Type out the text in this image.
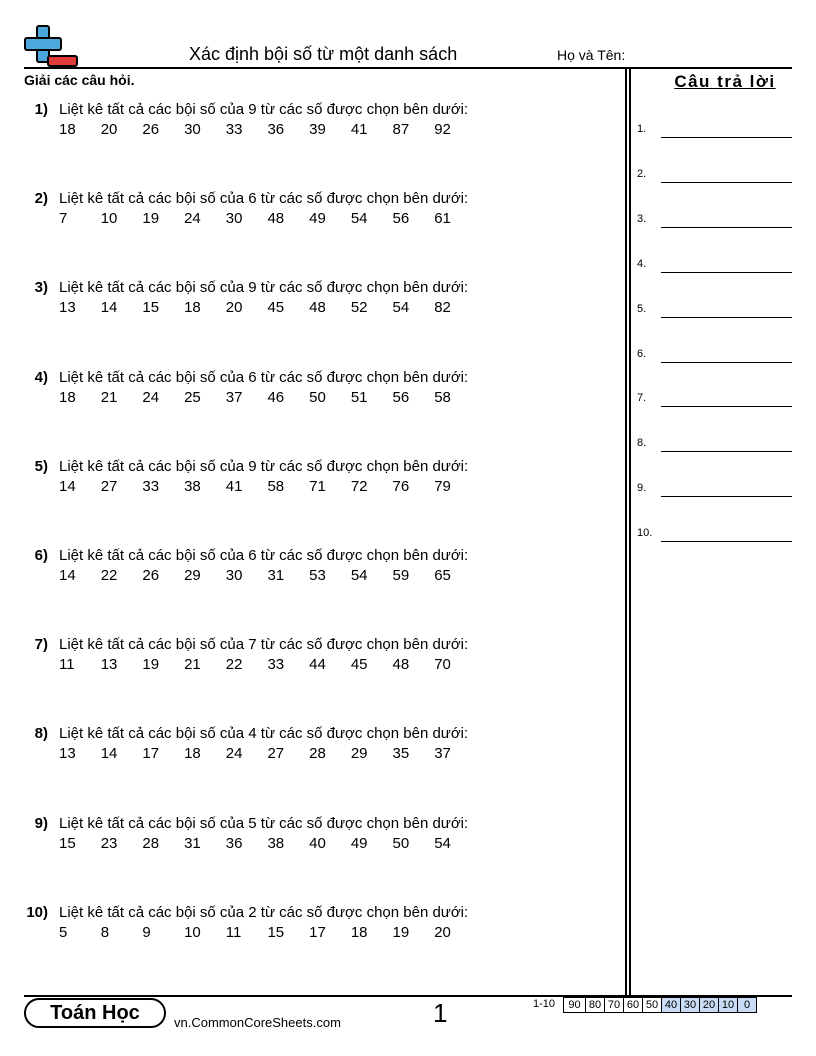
Xác định bội số từ một danh sách	Họ và Tên:
Giải các câu hỏi.	Câu trả lời
1) Liệt kê tất cả các bội số của 9 từ các số được chọn bên dưới:
18	20	26	30	33	36	39	41	87	92
2) Liệt kê tất cả các bội số của 6 từ các số được chọn bên dưới:
7	10	19	24	30	48	49	54	56	61
3) Liệt kê tất cả các bội số của 9 từ các số được chọn bên dưới:
13	14	15	18	20	45	48	52	54	82
4) Liệt kê tất cả các bội số của 6 từ các số được chọn bên dưới:
18	21	24	25	37	46	50	51	56	58
5) Liệt kê tất cả các bội số của 9 từ các số được chọn bên dưới:
14	27	33	38	41	58	71	72	76	79
6) Liệt kê tất cả các bội số của 6 từ các số được chọn bên dưới:
14	22	26	29	30	31	53	54	59	65
7) Liệt kê tất cả các bội số của 7 từ các số được chọn bên dưới:
11	13	19	21	22	33	44	45	48	70
8) Liệt kê tất cả các bội số của 4 từ các số được chọn bên dưới:
13	14	17	18	24	27	28	29	35	37
9) Liệt kê tất cả các bội số của 5 từ các số được chọn bên dưới:
15	23	28	31	36	38	40	49	50	54
10) Liệt kê tất cả các bội số của 2 từ các số được chọn bên dưới:
5	8	9	10	11	15	17	18	19	20
1.
2.
3.
4.
5.
6.
7.
8.
9.
10.
Toán Học	vn.CommonCoreSheets.com	1	1-10	90 80 70 60 50 40 30 20 10 0
